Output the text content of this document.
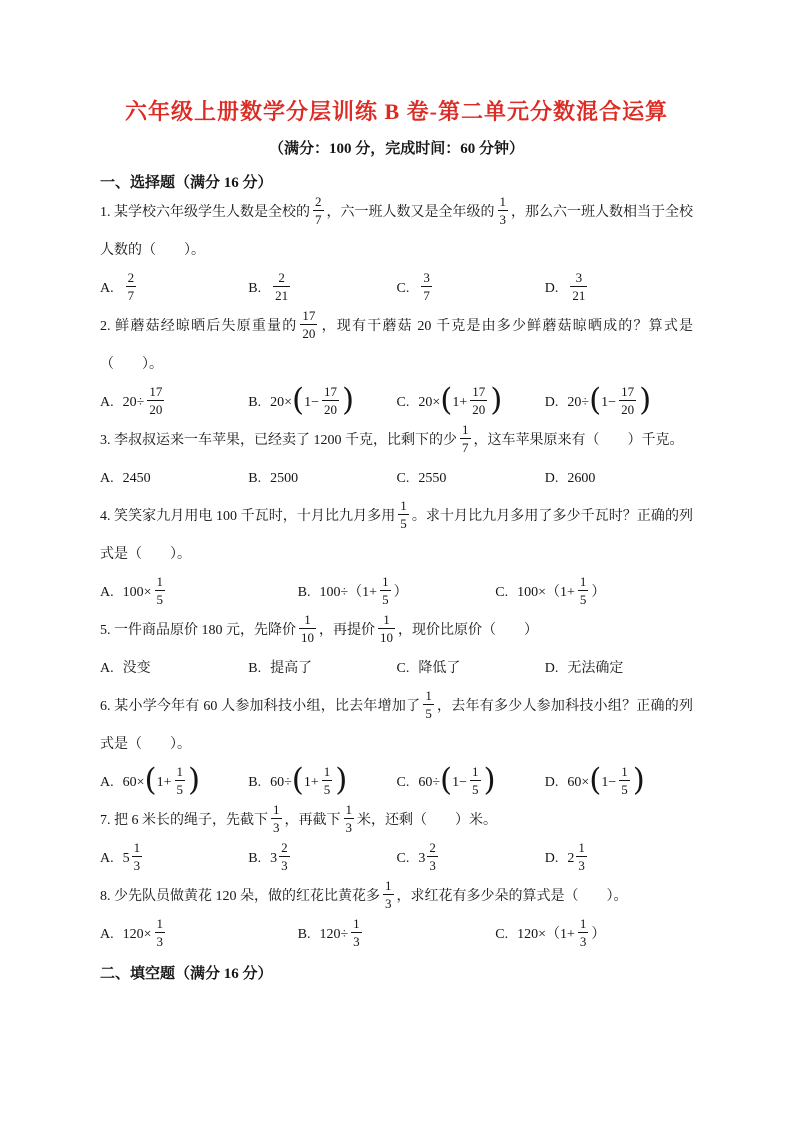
六年级上册数学分层训练 B 卷-第二单元分数混合运算

（满分：100 分，完成时间：60 分钟）

一、选择题（满分 16 分）

1. 某学校六年级学生人数是全校的 $\frac{2}{7}$ ，六一班人数又是全年级的 $\frac{1}{3}$ ，那么六一班人数相当于全校人数的（　　）。

A. $\frac{2}{7}$	B. $\frac{2}{21}$	C. $\frac{3}{7}$	D. $\frac{3}{21}$

2. 鲜蘑菇经晾晒后失原重量的 $\frac{17}{20}$ ，现有干蘑菇 20 千克是由多少鲜蘑菇晾晒成的？算式是（　　）。

A. $20\div \frac{17}{20}$	B. $20\times(1- \frac{17}{20}$ )	C. $20\times(1+ \frac{17}{20}$ )	D. $20\div(1- \frac{17}{20}$ )

3. 李叔叔运来一车苹果，已经卖了 1200 千克，比剩下的少 $\frac{1}{7}$ ，这车苹果原来有（　　）千克。

A. 2450	B. 2500	C. 2550	D. 2600

4. 笑笑家九月用电 100 千瓦时，十月比九月多用 $\frac{1}{5}$ 。求十月比九月多用了多少千瓦时？正确的列式是（　　）。

A. $100\times \frac{1}{5}$	B. $100\div(1+ \frac{1}{5}$ ）	C. $100\times(1+ \frac{1}{5}$ ）

5. 一件商品原价 180 元，先降价 $\frac{1}{10}$ ，再提价 $\frac{1}{10}$ ，现价比原价（　　）

A. 没变	B. 提高了	C. 降低了	D. 无法确定

6. 某小学今年有 60 人参加科技小组，比去年增加了 $\frac{1}{5}$ ，去年有多少人参加科技小组？正确的列式是（　　）。

A. $60\times(1+ \frac{1}{5}$ )	B. $60\div(1+ \frac{1}{5}$ )	C. $60\div(1- \frac{1}{5}$ )	D. $60\times(1- \frac{1}{5}$ )

7. 把 6 米长的绳子，先截下 $\frac{1}{3}$ ，再截下 $\frac{1}{3}$ 米，还剩（　　）米。

A. $5 \frac{1}{3}$	B. $3 \frac{2}{3}$	C. $3 \frac{2}{3}$	D. $2 \frac{1}{3}$

8. 少先队员做黄花 120 朵，做的红花比黄花多 $\frac{1}{3}$ ，求红花有多少朵的算式是（　　）。

A. $120\times \frac{1}{3}$	B. $120\div \frac{1}{3}$	C. $120\times(1+ \frac{1}{3}$ ）
二、填空题（满分 16 分）
